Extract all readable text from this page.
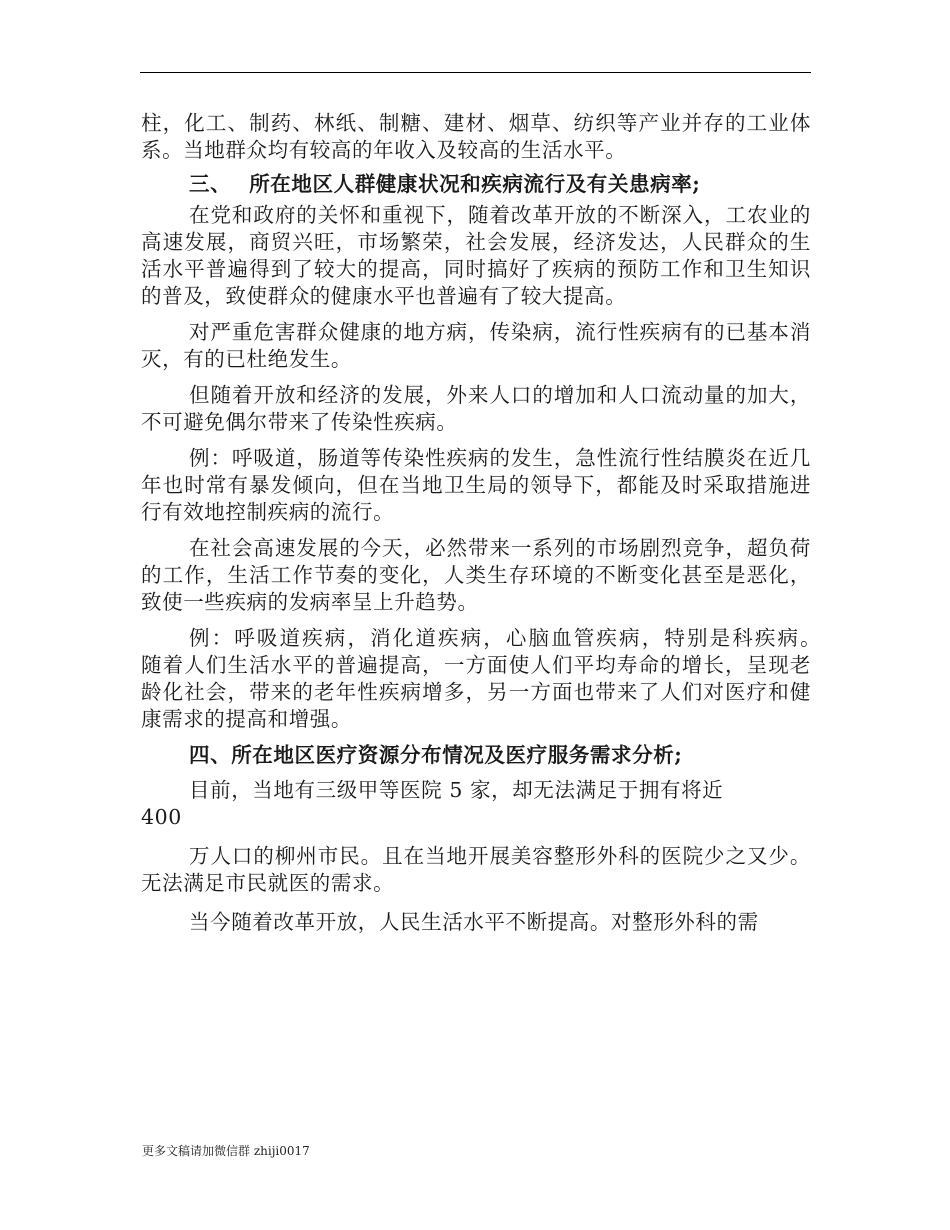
柱，化工、制药、林纸、制糖、建材、烟草、纺织等产业并存的工业体系。当地群众均有较高的年收入及较高的生活水平。

三、 所在地区人群健康状况和疾病流行及有关患病率;

在党和政府的关怀和重视下，随着改革开放的不断深入，工农业的高速发展，商贸兴旺，市场繁荣，社会发展，经济发达，人民群众的生活水平普遍得到了较大的提高，同时搞好了疾病的预防工作和卫生知识的普及，致使群众的健康水平也普遍有了较大提高。

对严重危害群众健康的地方病，传染病，流行性疾病有的已基本消灭，有的已杜绝发生。

但随着开放和经济的发展，外来人口的增加和人口流动量的加大，不可避免偶尔带来了传染性疾病。

例：呼吸道，肠道等传染性疾病的发生，急性流行性结膜炎在近几年也时常有暴发倾向，但在当地卫生局的领导下，都能及时采取措施进行有效地控制疾病的流行。

在社会高速发展的今天，必然带来一系列的市场剧烈竞争，超负荷的工作，生活工作节奏的变化，人类生存环境的不断变化甚至是恶化，致使一些疾病的发病率呈上升趋势。

例：呼吸道疾病，消化道疾病，心脑血管疾病，特别是科疾病。　随着人们生活水平的普遍提高，一方面使人们平均寿命的增长，呈现老龄化社会，带来的老年性疾病增多，另一方面也带来了人们对医疗和健康需求的提高和增强。

四、所在地区医疗资源分布情况及医疗服务需求分析;

目前，当地有三级甲等医院 5 家，却无法满足于拥有将近
400

万人口的柳州市民。且在当地开展美容整形外科的医院少之又少。无法满足市民就医的需求。

当今随着改革开放，人民生活水平不断提高。对整形外科的需

更多文稿请加微信群 zhiji0017
